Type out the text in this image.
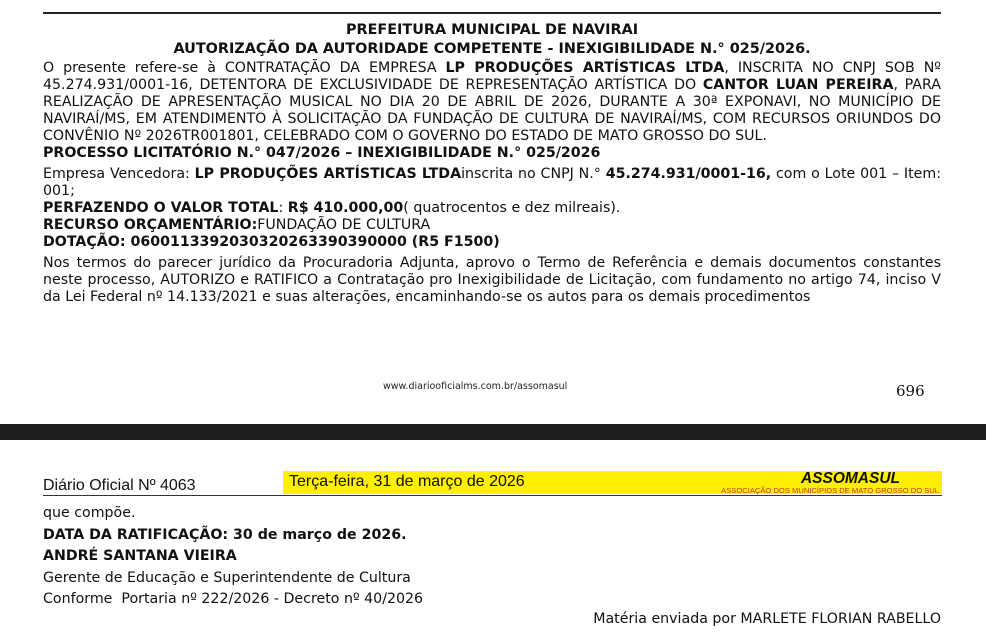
PREFEITURA MUNICIPAL DE NAVIRAI
AUTORIZAÇÃO DA AUTORIDADE COMPETENTE - INEXIGIBILIDADE N.° 025/2026.

O presente refere-se à CONTRATAÇÃO DA EMPRESA LP PRODUÇÕES ARTÍSTICAS LTDA, INSCRITA NO CNPJ SOB Nº 45.274.931/0001-16, DETENTORA DE EXCLUSIVIDADE DE REPRESENTAÇÃO ARTÍSTICA DO CANTOR LUAN PEREIRA, PARA REALIZAÇÃO DE APRESENTAÇÃO MUSICAL NO DIA 20 DE ABRIL DE 2026, DURANTE A 30ª EXPONAVI, NO MUNICÍPIO DE NAVIRAÍ/MS, EM ATENDIMENTO À SOLICITAÇÃO DA FUNDAÇÃO DE CULTURA DE NAVIRAÍ/MS, COM RECURSOS ORIUNDOS DO CONVÊNIO Nº 2026TR001801, CELEBRADO COM O GOVERNO DO ESTADO DE MATO GROSSO DO SUL.

PROCESSO LICITATÓRIO N.° 047/2026 – INEXIGIBILIDADE N.° 025/2026

Empresa Vencedora: LP PRODUÇÕES ARTÍSTICAS LTDAinscrita no CNPJ N.° 45.274.931/0001-16, com o Lote 001 – Item: 001;

PERFAZENDO O VALOR TOTAL: R$ 410.000,00( quatrocentos e dez milreais).

RECURSO ORÇAMENTÁRIO:FUNDAÇÃO DE CULTURA

DOTAÇÃO: 0600113392030320263390390000 (R5 F1500)

Nos termos do parecer jurídico da Procuradoria Adjunta, aprovo o Termo de Referência e demais documentos constantes neste processo, AUTORIZO e RATIFICO a Contratação pro Inexigibilidade de Licitação, com fundamento no artigo 74, inciso V da Lei Federal nº 14.133/2021 e suas alterações, encaminhando-se os autos para os demais procedimentos

www.diariooficialms.com.br/assomasul	696
Diário Oficial Nº 4063	Terça-feira, 31 de março de 2026	ASSOMASUL
ASSOCIAÇÃO DOS MUNICÍPIOS DE MATO GROSSO DO SUL
que compõe.
DATA DA RATIFICAÇÃO: 30 de março de 2026.
ANDRÉ SANTANA VIEIRA
Gerente de Educação e Superintendente de Cultura
Conforme  Portaria nº 222/2026 - Decreto nº 40/2026
Matéria enviada por MARLETE FLORIAN RABELLO
